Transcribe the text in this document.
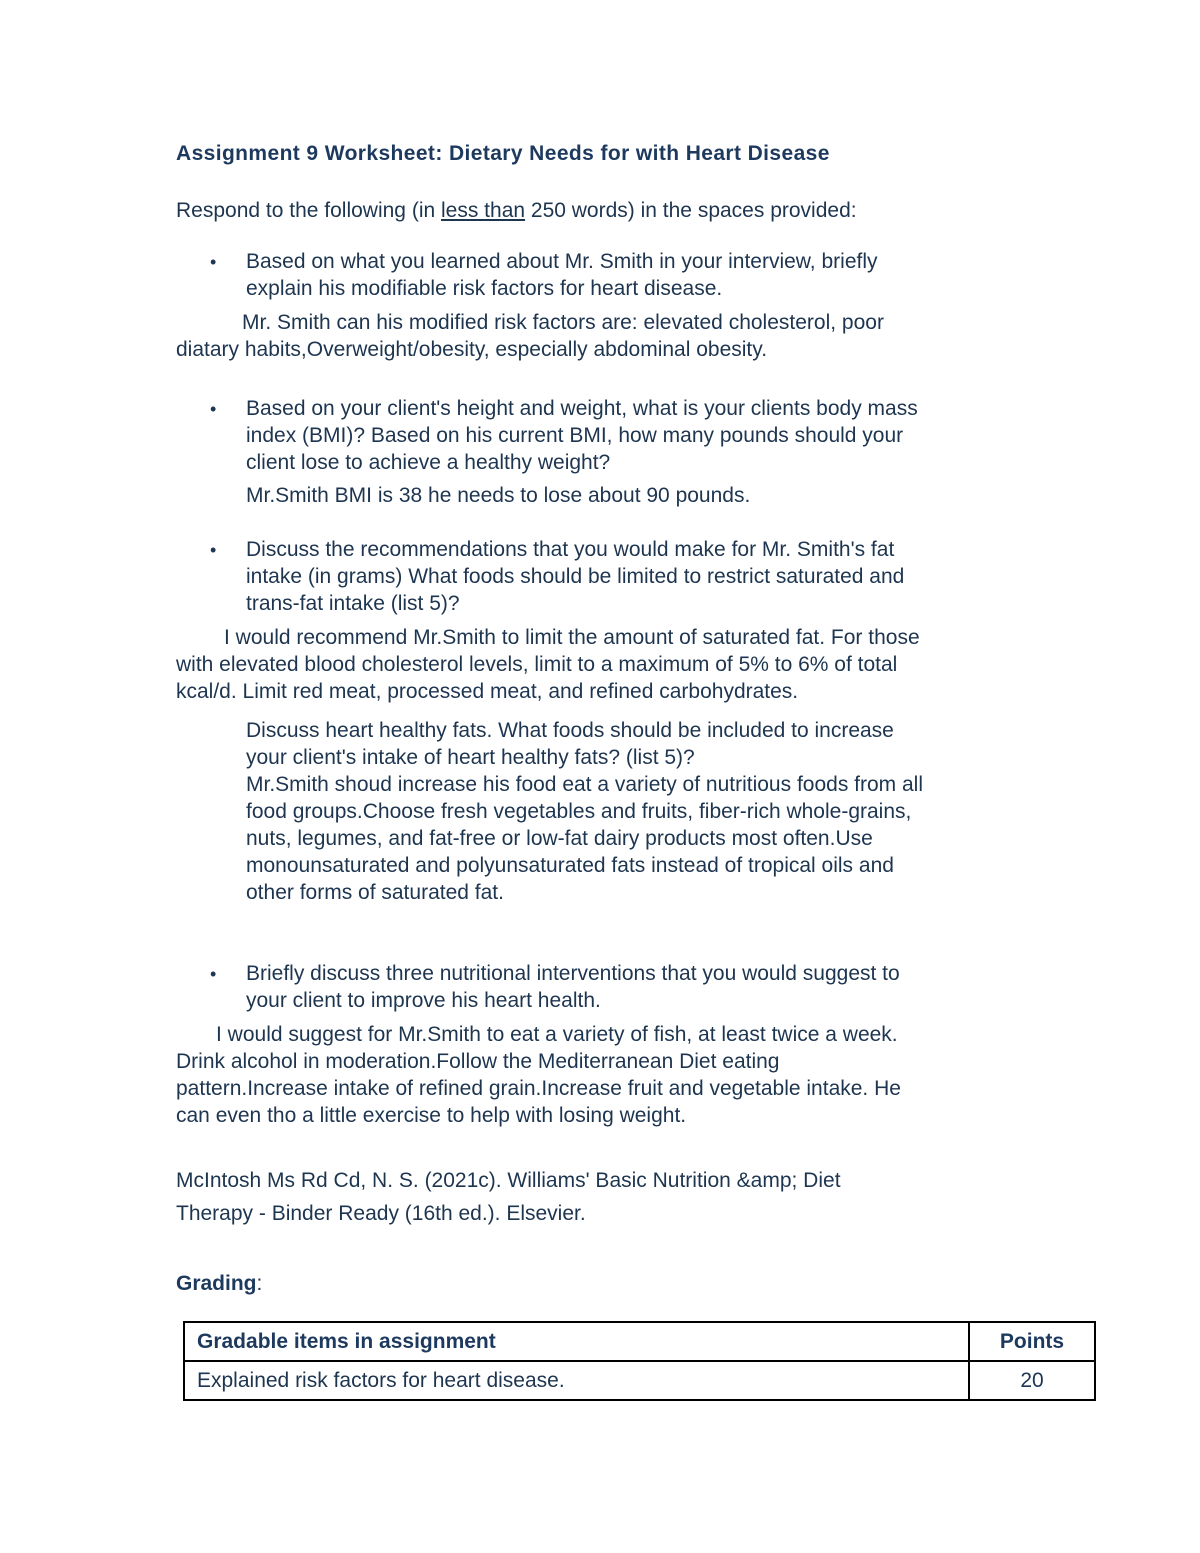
Assignment 9 Worksheet: Dietary Needs for with Heart Disease
Respond to the following (in less than 250 words) in the spaces provided:
• Based on what you learned about Mr. Smith in your interview, briefly
explain his modifiable risk factors for heart disease.
Mr. Smith can his modified risk factors are: elevated cholesterol, poor
diatary habits,Overweight/obesity, especially abdominal obesity.
• Based on your client's height and weight, what is your clients body mass
index (BMI)? Based on his current BMI, how many pounds should your
client lose to achieve a healthy weight?
Mr.Smith BMI is 38 he needs to lose about 90 pounds.
• Discuss the recommendations that you would make for Mr. Smith's fat
intake (in grams) What foods should be limited to restrict saturated and
trans-fat intake (list 5)?
I would recommend Mr.Smith to limit the amount of saturated fat. For those
with elevated blood cholesterol levels, limit to a maximum of 5% to 6% of total
kcal/d. Limit red meat, processed meat, and refined carbohydrates.
Discuss heart healthy fats. What foods should be included to increase
your client's intake of heart healthy fats? (list 5)?
Mr.Smith shoud increase his food eat a variety of nutritious foods from all
food groups.Choose fresh vegetables and fruits, fiber-rich whole-grains,
nuts, legumes, and fat-free or low-fat dairy products most often.Use
monounsaturated and polyunsaturated fats instead of tropical oils and
other forms of saturated fat.
• Briefly discuss three nutritional interventions that you would suggest to
your client to improve his heart health.
I would suggest for Mr.Smith to eat a variety of fish, at least twice a week.
Drink alcohol in moderation.Follow the Mediterranean Diet eating
pattern.Increase intake of refined grain.Increase fruit and vegetable intake. He
can even tho a little exercise to help with losing weight.
McIntosh Ms Rd Cd, N. S. (2021c). Williams' Basic Nutrition &amp; Diet
Therapy - Binder Ready (16th ed.). Elsevier.
Grading:
Gradable items in assignment	Points
Explained risk factors for heart disease.	20
